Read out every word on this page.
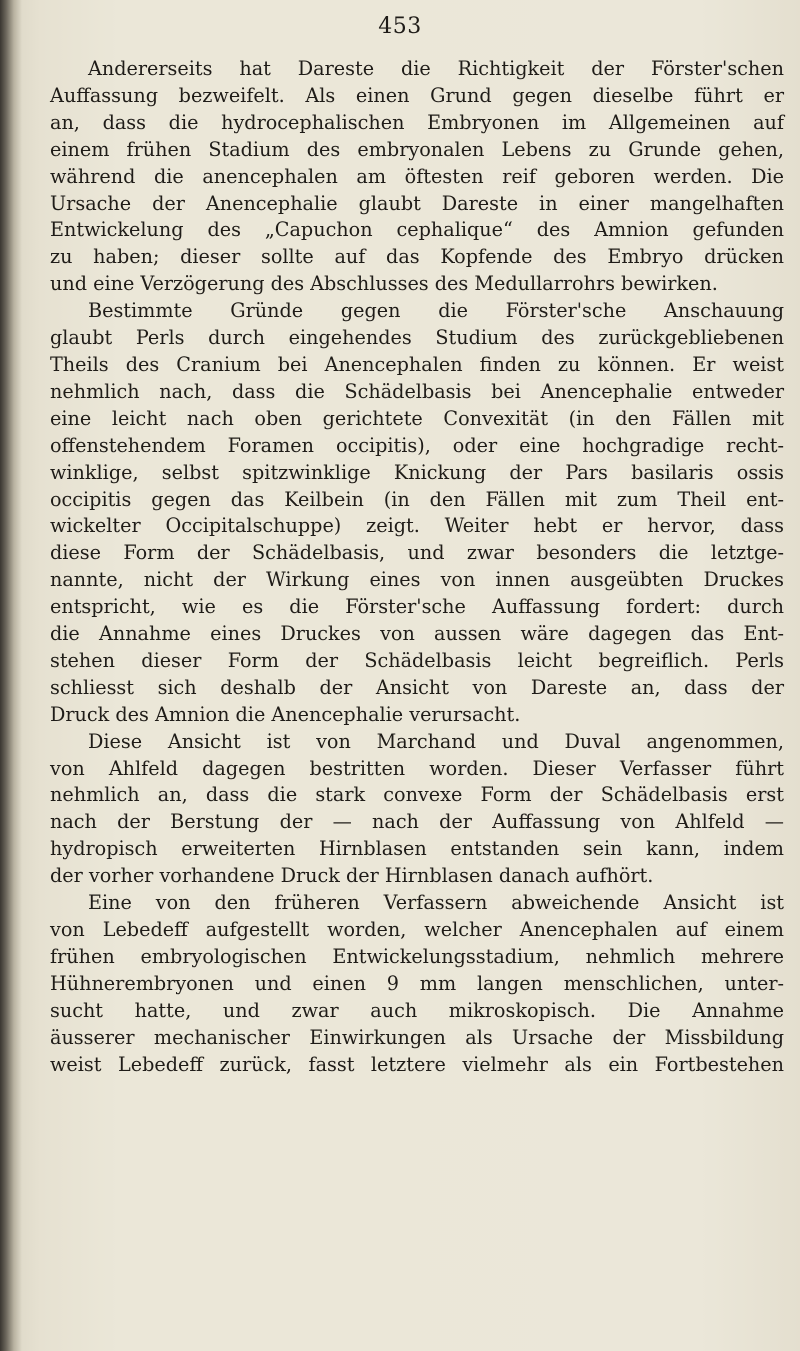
453
Andererseits hat Dareste die Richtigkeit der Förster'schen
Auffassung bezweifelt. Als einen Grund gegen dieselbe führt er
an, dass die hydrocephalischen Embryonen im Allgemeinen auf
einem frühen Stadium des embryonalen Lebens zu Grunde gehen,
während die anencephalen am öftesten reif geboren werden. Die
Ursache der Anencephalie glaubt Dareste in einer mangelhaften
Entwickelung des „Capuchon cephalique“ des Amnion gefunden
zu haben; dieser sollte auf das Kopfende des Embryo drücken
und eine Verzögerung des Abschlusses des Medullarrohrs bewirken.
Bestimmte Gründe gegen die Förster'sche Anschauung
glaubt Perls durch eingehendes Studium des zurückgebliebenen
Theils des Cranium bei Anencephalen finden zu können. Er weist
nehmlich nach, dass die Schädelbasis bei Anencephalie entweder
eine leicht nach oben gerichtete Convexität (in den Fällen mit
offenstehendem Foramen occipitis), oder eine hochgradige recht-
winklige, selbst spitzwinklige Knickung der Pars basilaris ossis
occipitis gegen das Keilbein (in den Fällen mit zum Theil ent-
wickelter Occipitalschuppe) zeigt. Weiter hebt er hervor, dass
diese Form der Schädelbasis, und zwar besonders die letztge-
nannte, nicht der Wirkung eines von innen ausgeübten Druckes
entspricht, wie es die Förster'sche Auffassung fordert: durch
die Annahme eines Druckes von aussen wäre dagegen das Ent-
stehen dieser Form der Schädelbasis leicht begreiflich. Perls
schliesst sich deshalb der Ansicht von Dareste an, dass der
Druck des Amnion die Anencephalie verursacht.
Diese Ansicht ist von Marchand und Duval angenommen,
von Ahlfeld dagegen bestritten worden. Dieser Verfasser führt
nehmlich an, dass die stark convexe Form der Schädelbasis erst
nach der Berstung der — nach der Auffassung von Ahlfeld —
hydropisch erweiterten Hirnblasen entstanden sein kann, indem
der vorher vorhandene Druck der Hirnblasen danach aufhört.
Eine von den früheren Verfassern abweichende Ansicht ist
von Lebedeff aufgestellt worden, welcher Anencephalen auf einem
frühen embryologischen Entwickelungsstadium, nehmlich mehrere
Hühnerembryonen und einen 9 mm langen menschlichen, unter-
sucht hatte, und zwar auch mikroskopisch. Die Annahme
äusserer mechanischer Einwirkungen als Ursache der Missbildung
weist Lebedeff zurück, fasst letztere vielmehr als ein Fortbestehen
